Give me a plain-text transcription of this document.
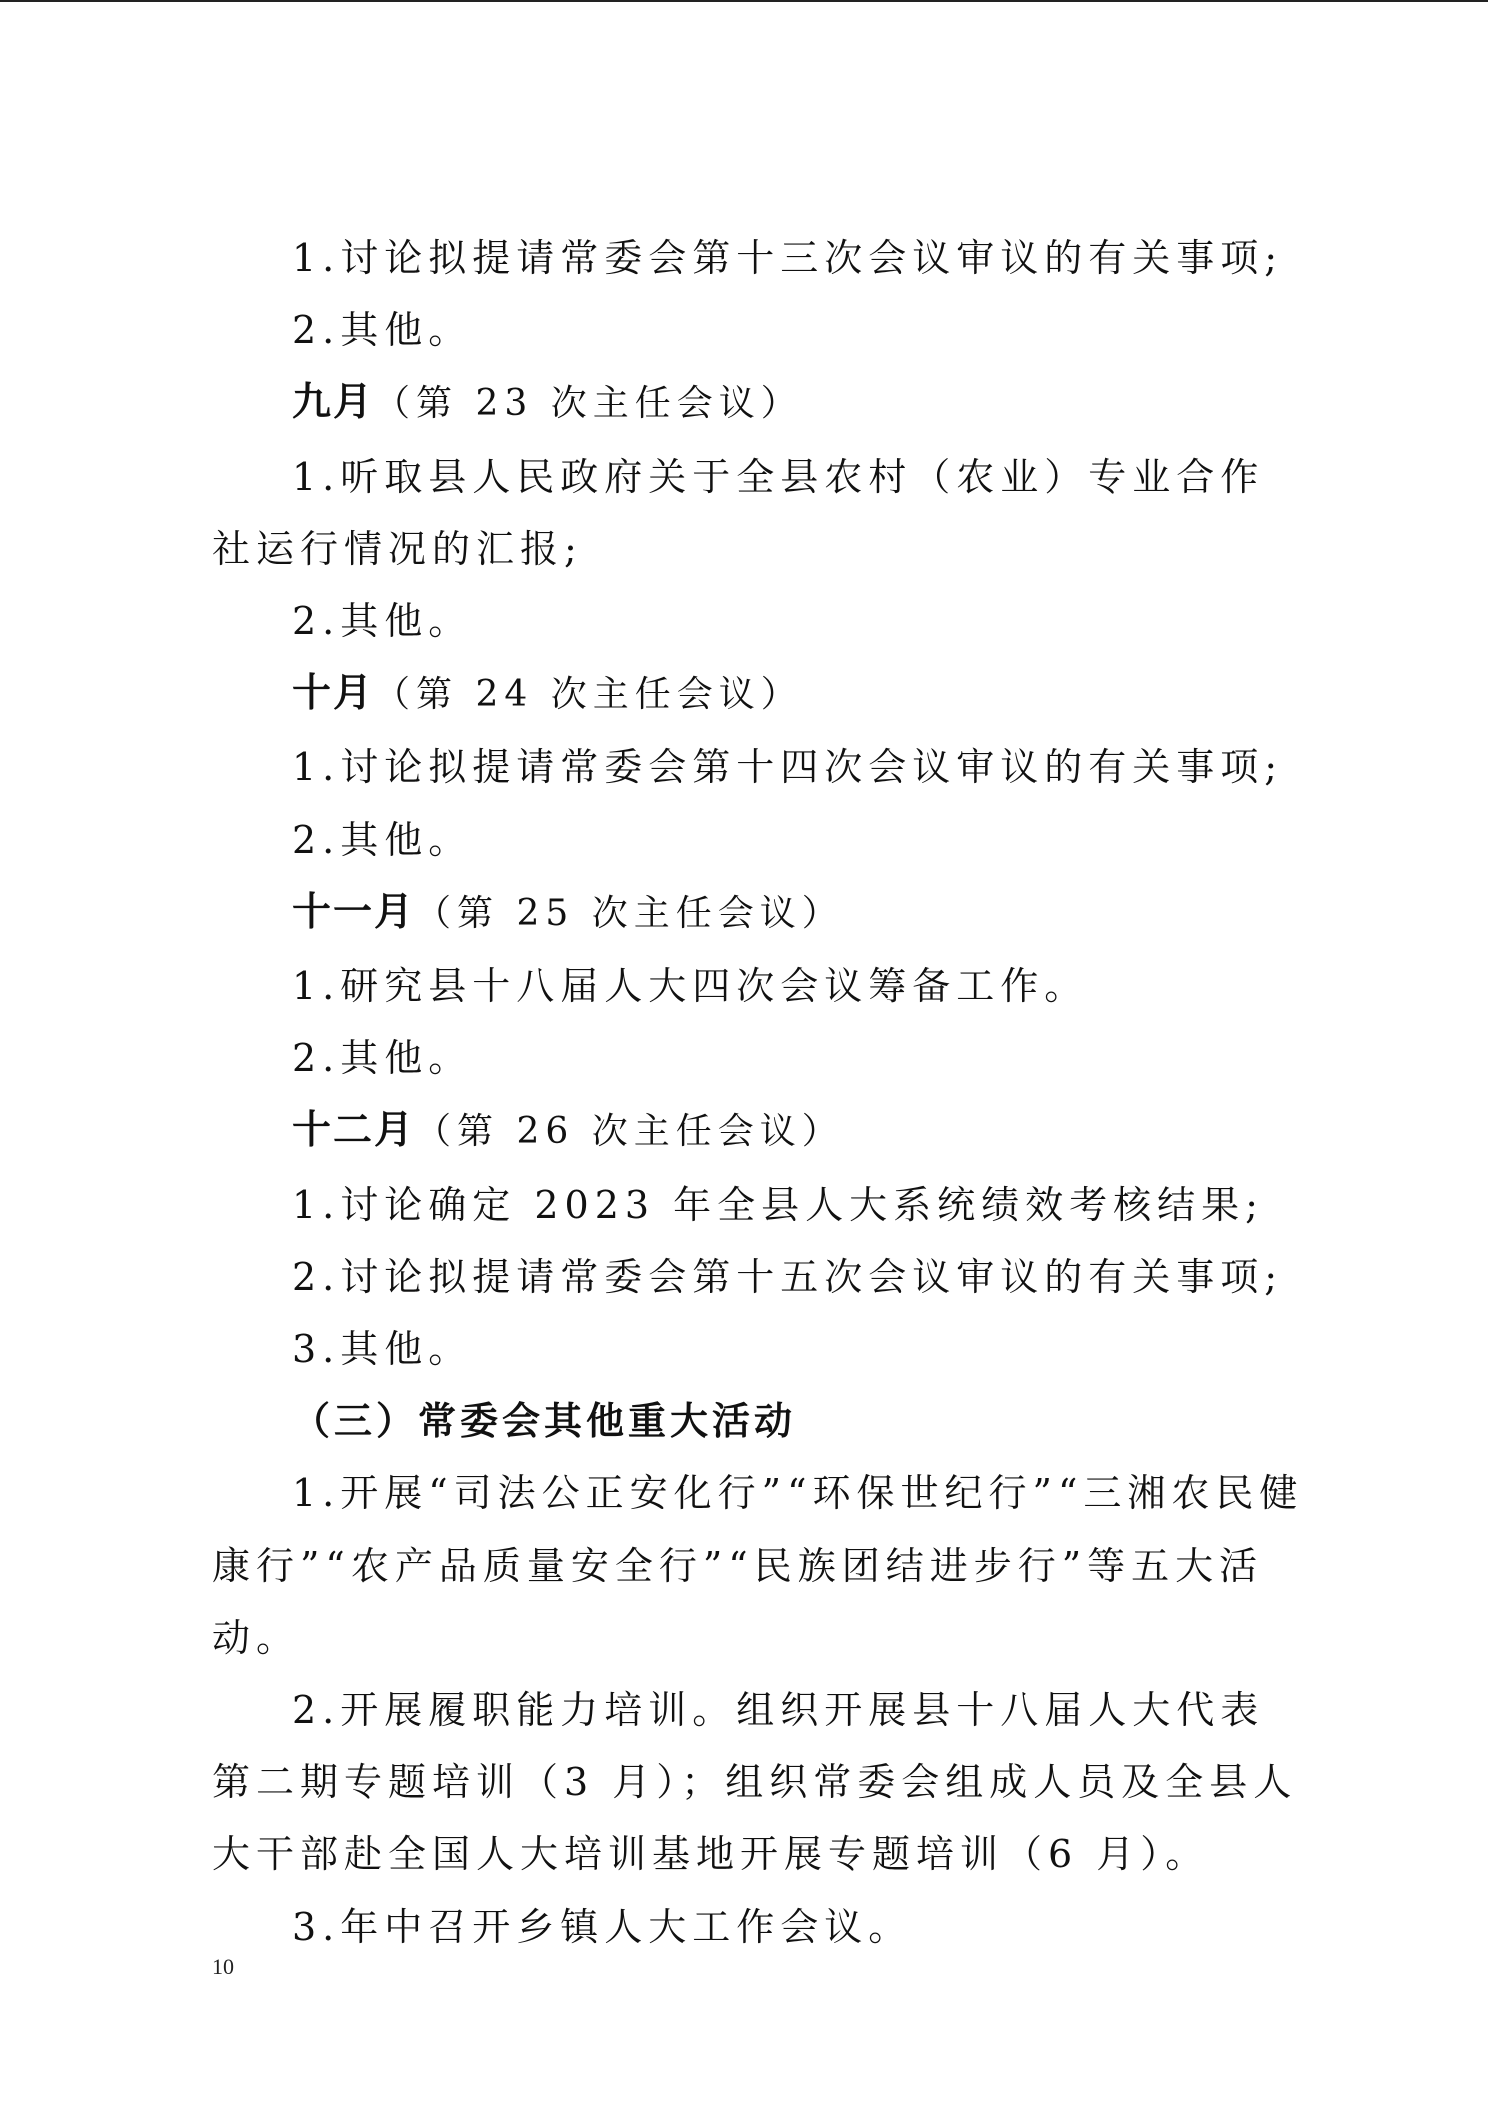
1.讨论拟提请常委会第十三次会议审议的有关事项;

2.其他。

九月（第 23 次主任会议）

1.听取县人民政府关于全县农村（农业）专业合作社运行情况的汇报;

2.其他。

十月（第 24 次主任会议）

1.讨论拟提请常委会第十四次会议审议的有关事项;

2.其他。

十一月（第 25 次主任会议）

1.研究县十八届人大四次会议筹备工作。

2.其他。

十二月（第 26 次主任会议）

1.讨论确定 2023 年全县人大系统绩效考核结果;

2.讨论拟提请常委会第十五次会议审议的有关事项;

3.其他。

（三）常委会其他重大活动

1.开展“司法公正安化行”“环保世纪行”“三湘农民健康行”“农产品质量安全行”“民族团结进步行”等五大活动。

2.开展履职能力培训。组织开展县十八届人大代表第二期专题培训（3 月）；组织常委会组成人员及全县人大干部赴全国人大培训基地开展专题培训（6 月）。

3.年中召开乡镇人大工作会议。

10
